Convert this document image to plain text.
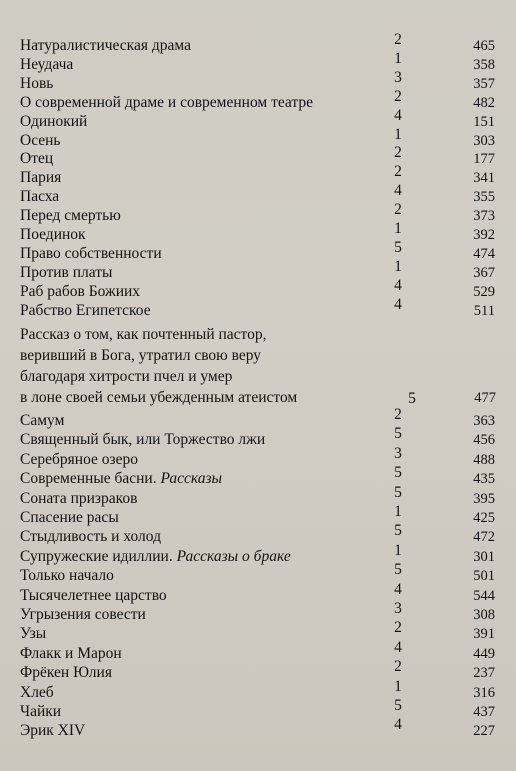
Натуралистическая драма	2	465
Неудача	1	358
Новь	3	357
О современной драме и современном театре	2	482
Одинокий	4	151
Осень	1	303
Отец	2	177
Пария	2	341
Пасха	4	355
Перед смертью	2	373
Поединок	1	392
Право собственности	5	474
Против платы	1	367
Раб рабов Божиих	4	529
Рабство Египетское	4	511
Рассказ о том, как почтенный пастор,
веривший в Бога, утратил свою веру
благодаря хитрости пчел и умер
в лоне своей семьи убежденным атеистом	5	477
Самум	2	363
Священный бык, или Торжество лжи	5	456
Серебряное озеро	3	488
Современные басни. Рассказы	5	435
Соната призраков	5	395
Спасение расы	1	425
Стыдливость и холод	5	472
Супружеские идиллии. Рассказы о браке	1	301
Только начало	5	501
Тысячелетнее царство	4	544
Угрызения совести	3	308
Узы	2	391
Флакк и Марон	4	449
Фрёкен Юлия	2	237
Хлеб	1	316
Чайки	5	437
Эрик XIV	4	227
